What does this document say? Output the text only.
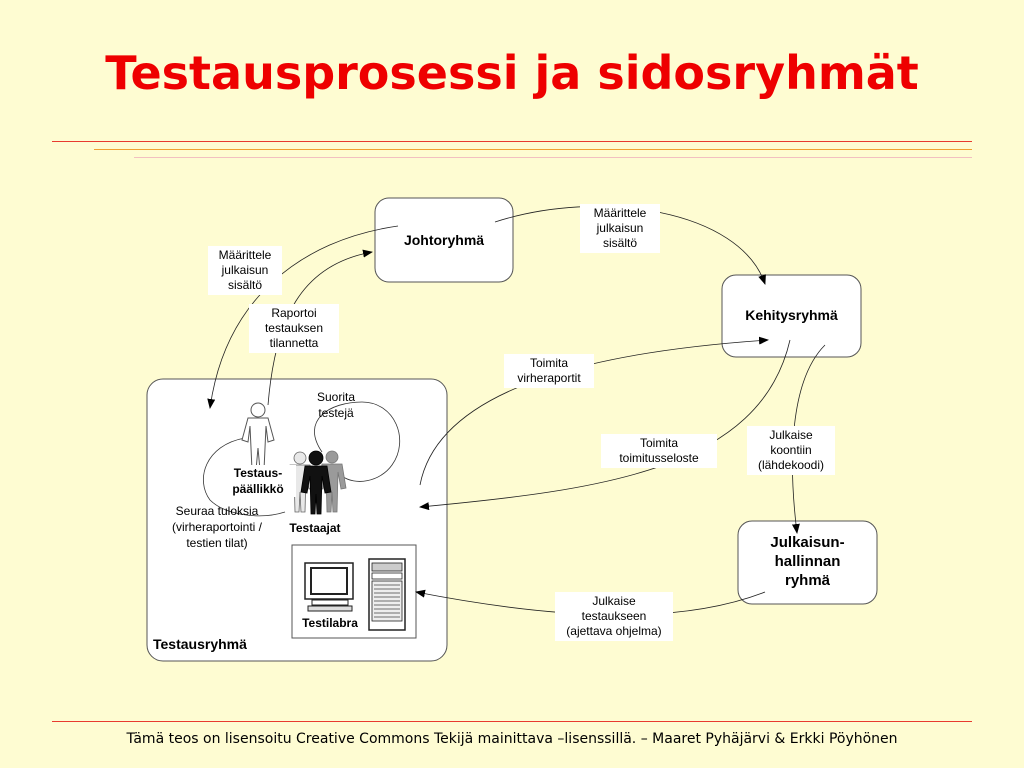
Testausprosessi ja sidosryhmät
Johtoryhmä
Kehitysryhmä
Julkaisun-
hallinnan
ryhmä
Testausryhmä
Määrittele
julkaisun
sisältö
Raportoi
testauksen
tilannetta
Määrittele
julkaisun
sisältö
Toimita
virheraportit
Toimita
toimitusseloste
Julkaise
koontiin
(lähdekoodi)
Julkaise
testaukseen
(ajettava ohjelma)
Suorita
testejä
Testaus-
päällikkö
Testaajat
Seuraa tuloksia
(virheraportointi /
testien tilat)
Testilabra
Tämä teos on lisensoitu Creative Commons Tekijä mainittava –lisenssillä. – Maaret Pyhäjärvi & Erkki Pöyhönen
